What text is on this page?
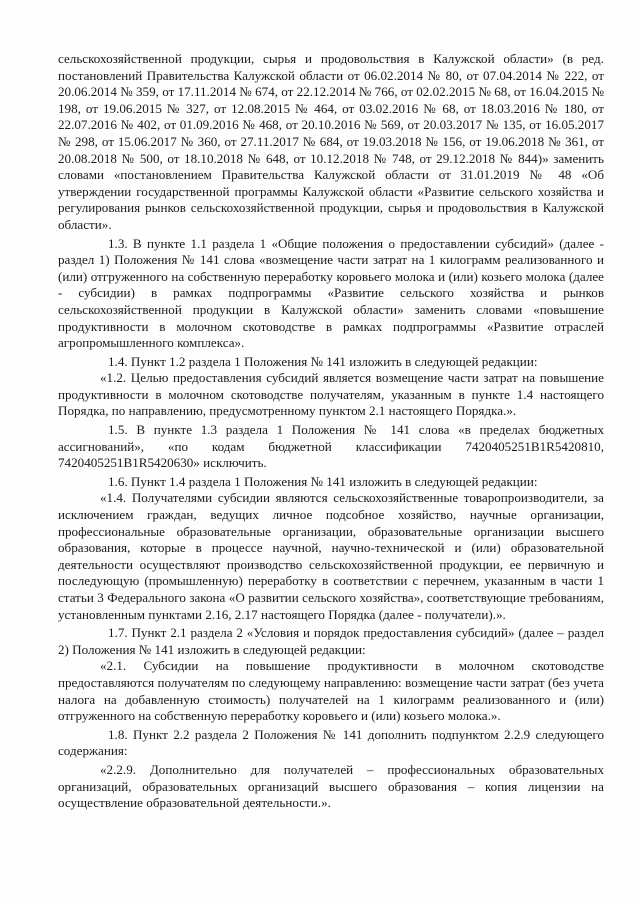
сельскохозяйственной продукции, сырья и продовольствия в Калужской области» (в ред. постановлений Правительства Калужской области от 06.02.2014 № 80, от 07.04.2014 № 222, от 20.06.2014 № 359, от 17.11.2014 № 674, от 22.12.2014 № 766, от 02.02.2015 № 68, от 16.04.2015 № 198, от 19.06.2015 № 327, от 12.08.2015 № 464, от 03.02.2016 № 68, от 18.03.2016 № 180, от 22.07.2016 № 402, от 01.09.2016 № 468, от 20.10.2016 № 569, от 20.03.2017 № 135, от 16.05.2017 № 298, от 15.06.2017 № 360, от 27.11.2017 № 684, от 19.03.2018 № 156, от 19.06.2018 № 361, от 20.08.2018 № 500, от 18.10.2018 № 648, от 10.12.2018 № 748, от 29.12.2018 № 844)» заменить словами «постановлением Правительства Калужской области от 31.01.2019 № 48 «Об утверждении государственной программы Калужской области «Развитие сельского хозяйства и регулирования рынков сельскохозяйственной продукции, сырья и продовольствия в Калужской области».

1.3. В пункте 1.1 раздела 1 «Общие положения о предоставлении субсидий» (далее - раздел 1) Положения № 141 слова «возмещение части затрат на 1 килограмм реализованного и (или) отгруженного на собственную переработку коровьего молока и (или) козьего молока (далее - субсидии) в рамках подпрограммы «Развитие сельского хозяйства и рынков сельскохозяйственной продукции в Калужской области» заменить словами «повышение продуктивности в молочном скотоводстве в рамках подпрограммы «Развитие отраслей агропромышленного комплекса».

1.4. Пункт 1.2 раздела 1 Положения № 141 изложить в следующей редакции:

«1.2. Целью предоставления субсидий является возмещение части затрат на повышение продуктивности в молочном скотоводстве получателям, указанным в пункте 1.4 настоящего Порядка, по направлению, предусмотренному пунктом 2.1 настоящего Порядка.».

1.5. В пункте 1.3 раздела 1 Положения № 141 слова «в пределах бюджетных ассигнований», «по кодам бюджетной классификации 7420405251B1R5420810, 7420405251B1R5420630» исключить.

1.6. Пункт 1.4 раздела 1 Положения № 141 изложить в следующей редакции:

«1.4. Получателями субсидии являются сельскохозяйственные товаропроизводители, за исключением граждан, ведущих личное подсобное хозяйство, научные организации, профессиональные образовательные организации, образовательные организации высшего образования, которые в процессе научной, научно-технической и (или) образовательной деятельности осуществляют производство сельскохозяйственной продукции, ее первичную и последующую (промышленную) переработку в соответствии с перечнем, указанным в части 1 статьи 3 Федерального закона «О развитии сельского хозяйства», соответствующие требованиям, установленным пунктами 2.16, 2.17 настоящего Порядка (далее - получатели).».

1.7. Пункт 2.1 раздела 2 «Условия и порядок предоставления субсидий» (далее – раздел 2) Положения № 141 изложить в следующей редакции:

«2.1. Субсидии на повышение продуктивности в молочном скотоводстве предоставляются получателям по следующему направлению: возмещение части затрат (без учета налога на добавленную стоимость) получателей на 1 килограмм реализованного и (или) отгруженного на собственную переработку коровьего и (или) козьего молока.».

1.8. Пункт 2.2 раздела 2 Положения № 141 дополнить подпунктом 2.2.9 следующего содержания:

«2.2.9. Дополнительно для получателей – профессиональных образовательных организаций, образовательных организаций высшего образования – копия лицензии на осуществление образовательной деятельности.».
